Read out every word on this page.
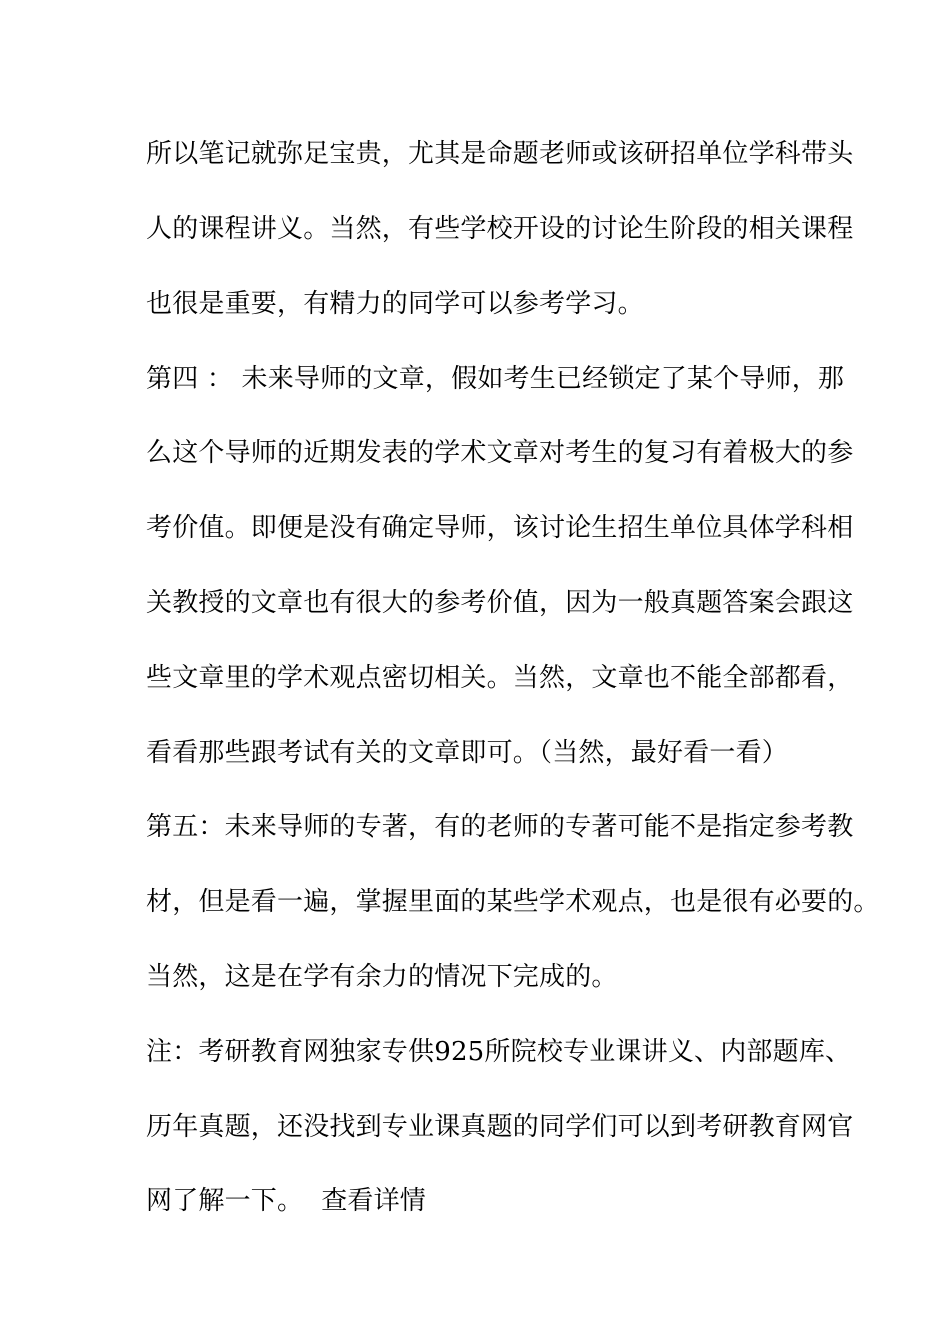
所以笔记就弥足宝贵，尤其是命题老师或该研招单位学科带头
人的课程讲义。当然，有些学校开设的讨论生阶段的相关课程
也很是重要，有精力的同学可以参考学习。
第四 ： 未来导师的文章，假如考生已经锁定了某个导师，那
么这个导师的近期发表的学术文章对考生的复习有着极大的参
考价值。即便是没有确定导师，该讨论生招生单位具体学科相
关教授的文章也有很大的参考价值，因为一般真题答案会跟这
些文章里的学术观点密切相关。当然，文章也不能全部都看，
看看那些跟考试有关的文章即可。（当然，最好看一看）
第五：未来导师的专著，有的老师的专著可能不是指定参考教
材，但是看一遍，掌握里面的某些学术观点，也是很有必要的。
当然，这是在学有余力的情况下完成的。
注：考研教育网独家专供925所院校专业课讲义、内部题库、
历年真题，还没找到专业课真题的同学们可以到考研教育网官
网了解一下。 查看详情
